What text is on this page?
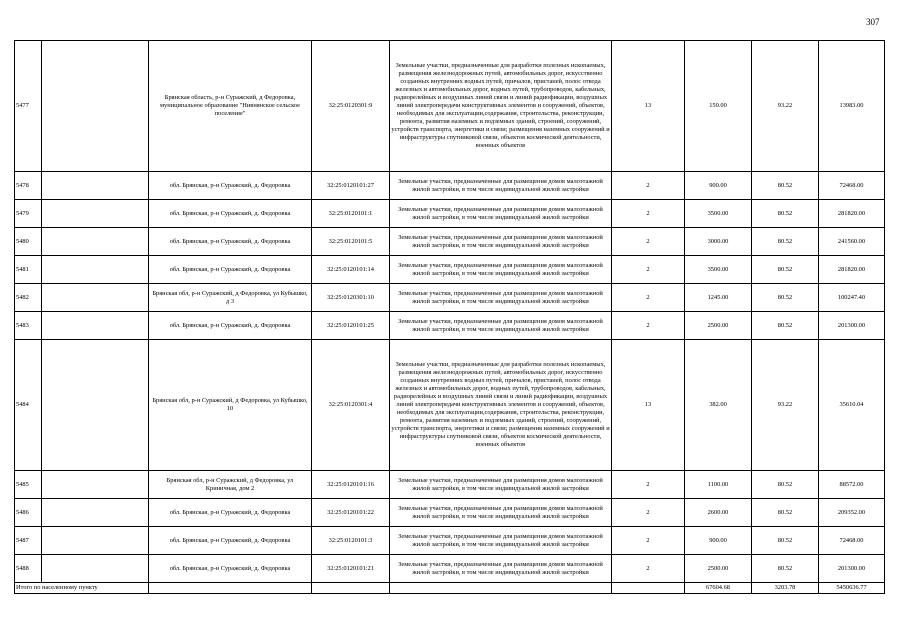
307
5477		Брянская область, р-н Суражский, д Федоровка, муниципальное образование "Нивнянское сельское поселение"	32:25:0120301:9	Земельные участки, предназначенные для разработки полезных ископаемых, размещения железнодорожных путей, автомобильных дорог, искусственно созданных внутренних водных путей, причалов, пристаней, полос отвода железных и автомобильных дорог, водных путей, трубопроводов, кабельных, радиорелейных и воздушных линий связи и линий радиофикации, воздушных линий электропередачи конструктивных элементов и сооружений, объектов, необходимых для эксплуатации,содержания, строительства, реконструкции, ремонта, развития наземных и подземных зданий, строений, сооружений, устройств транспорта, энергетики и связи; размещения наземных сооружений и инфраструктуры спутниковой связи, объектов космической деятельности, военных объектов	13	150.00	93.22	13983.00
5478		обл. Брянская, р-н Суражский, д. Федоровка	32:25:0120101:27	Земельные участки, предназначенные для размещения домов малоэтажной жилой застройки, в том числе индивидуальной жилой застройки	2	900.00	80.52	72468.00
5479		обл. Брянская, р-н Суражский, д. Федоровка	32:25:0120101:1	Земельные участки, предназначенные для размещения домов малоэтажной жилой застройки, в том числе индивидуальной жилой застройки	2	3500.00	80.52	281820.00
5480		обл. Брянская, р-н Суражский, д. Федоровка	32:25:0120101:5	Земельные участки, предназначенные для размещения домов малоэтажной жилой застройки, в том числе индивидуальной жилой застройки	2	3000.00	80.52	241560.00
5481		обл. Брянская, р-н Суражский, д. Федоровка	32:25:0120101:14	Земельные участки, предназначенные для размещения домов малоэтажной жилой застройки, в том числе индивидуальной жилой застройки	2	3500.00	80.52	281820.00
5482		Брянская обл, р-н Суражский, д Федоровка, ул Кубышко, д 3	32:25:0120301:10	Земельные участки, предназначенные для размещения домов малоэтажной жилой застройки, в том числе индивидуальной жилой застройки	2	1245.00	80.52	100247.40
5483		обл. Брянская, р-н Суражский, д. Федоровка	32:25:0120101:25	Земельные участки, предназначенные для размещения домов малоэтажной жилой застройки, в том числе индивидуальной жилой застройки	2	2500.00	80.52	201300.00
5484		Брянская обл, р-н Суражский, д Федоровка, ул Кубышко, 10	32:25:0120301:4	Земельные участки, предназначенные для разработки полезных ископаемых, размещения железнодорожных путей, автомобильных дорог, искусственно созданных внутренних водных путей, причалов, пристаней, полос отвода железных и автомобильных дорог, водных путей, трубопроводов, кабельных, радиорелейных и воздушных линий связи и линий радиофикации, воздушных линий электропередачи конструктивных элементов и сооружений, объектов, необходимых для эксплуатации,содержания, строительства, реконструкции, ремонта, развития наземных и подземных зданий, строений, сооружений, устройств транспорта, энергетики и связи; размещения наземных сооружений и инфраструктуры спутниковой связи, объектов космической деятельности, военных объектов	13	382.00	93.22	35610.04
5485		Брянская обл, р-н Суражский, д Федоровка, ул Криничная, дом 2	32:25:0120101:16	Земельные участки, предназначенные для размещения домов малоэтажной жилой застройки, в том числе индивидуальной жилой застройки	2	1100.00	80.52	88572.00
5486		обл. Брянская, р-н Суражский, д. Федоровка	32:25:0120101:22	Земельные участки, предназначенные для размещения домов малоэтажной жилой застройки, в том числе индивидуальной жилой застройки	2	2600.00	80.52	209352.00
5487		обл. Брянская, р-н Суражский, д. Федоровка	32:25:0120101:3	Земельные участки, предназначенные для размещения домов малоэтажной жилой застройки, в том числе индивидуальной жилой застройки	2	900.00	80.52	72468.00
5488		обл. Брянская, р-н Суражский, д. Федоровка	32:25:0120101:21	Земельные участки, предназначенные для размещения домов малоэтажной жилой застройки, в том числе индивидуальной жилой застройки	2	2500.00	80.52	201300.00
Итого по населенному пункту						67604.68	3203.78	5450636.77
